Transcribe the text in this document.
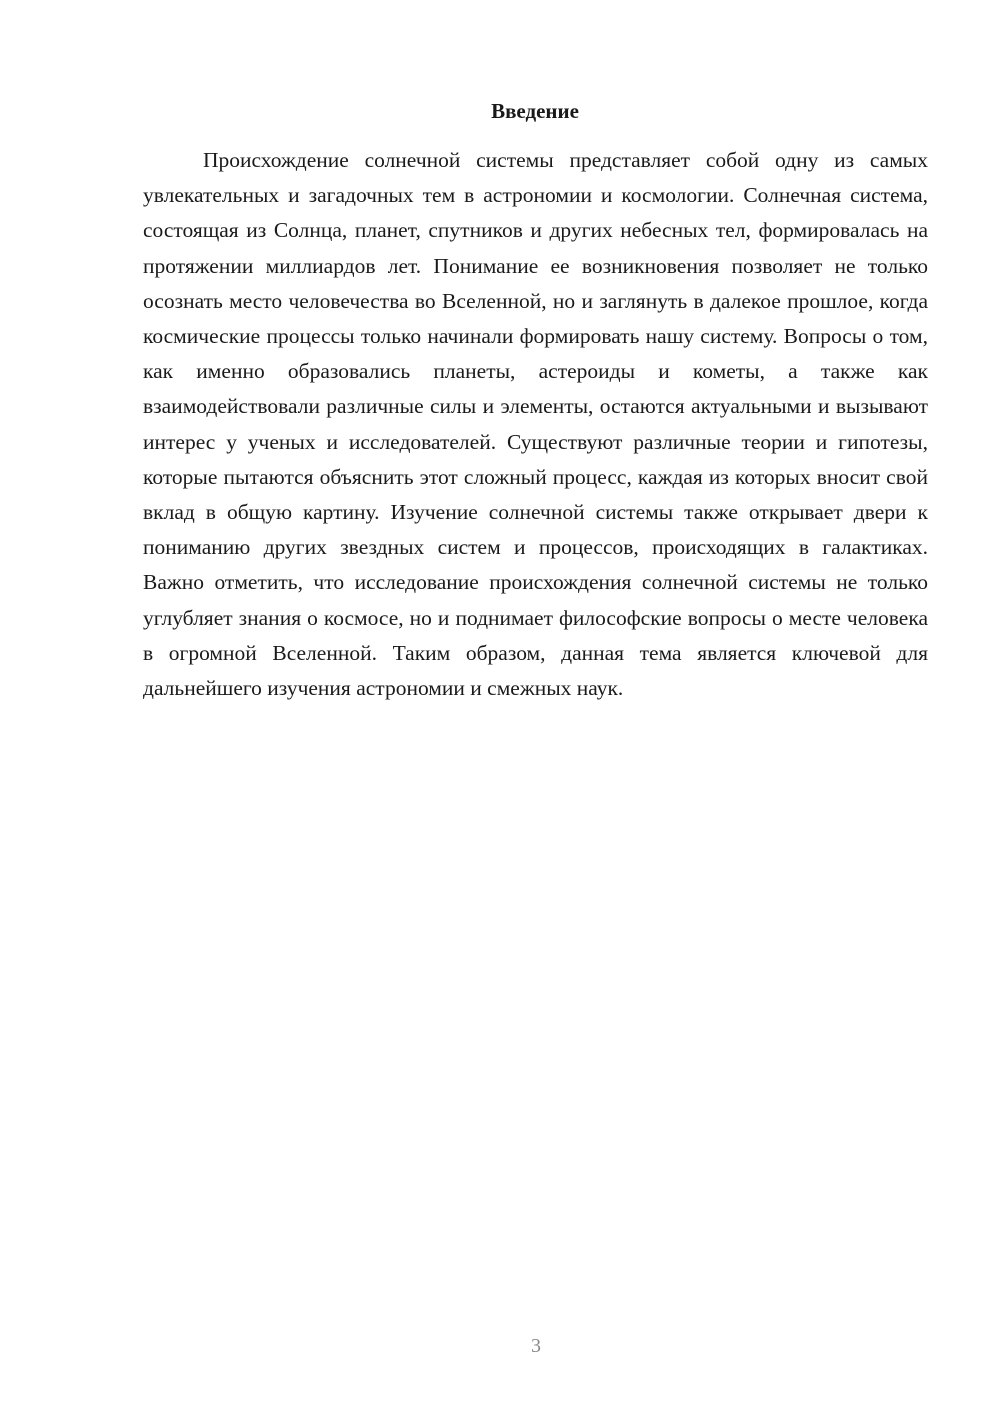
Введение

Происхождение солнечной системы представляет собой одну из самых увлекательных и загадочных тем в астрономии и космологии. Солнечная система, состоящая из Солнца, планет, спутников и других небесных тел, формировалась на протяжении миллиардов лет. Понимание ее возникновения позволяет не только осознать место человечества во Вселенной, но и заглянуть в далекое прошлое, когда космические процессы только начинали формировать нашу систему. Вопросы о том, как именно образовались планеты, астероиды и кометы, а также как взаимодействовали различные силы и элементы, остаются актуальными и вызывают интерес у ученых и исследователей. Существуют различные теории и гипотезы, которые пытаются объяснить этот сложный процесс, каждая из которых вносит свой вклад в общую картину. Изучение солнечной системы также открывает двери к пониманию других звездных систем и процессов, происходящих в галактиках. Важно отметить, что исследование происхождения солнечной системы не только углубляет знания о космосе, но и поднимает философские вопросы о месте человека в огромной Вселенной. Таким образом, данная тема является ключевой для дальнейшего изучения астрономии и смежных наук.

3
